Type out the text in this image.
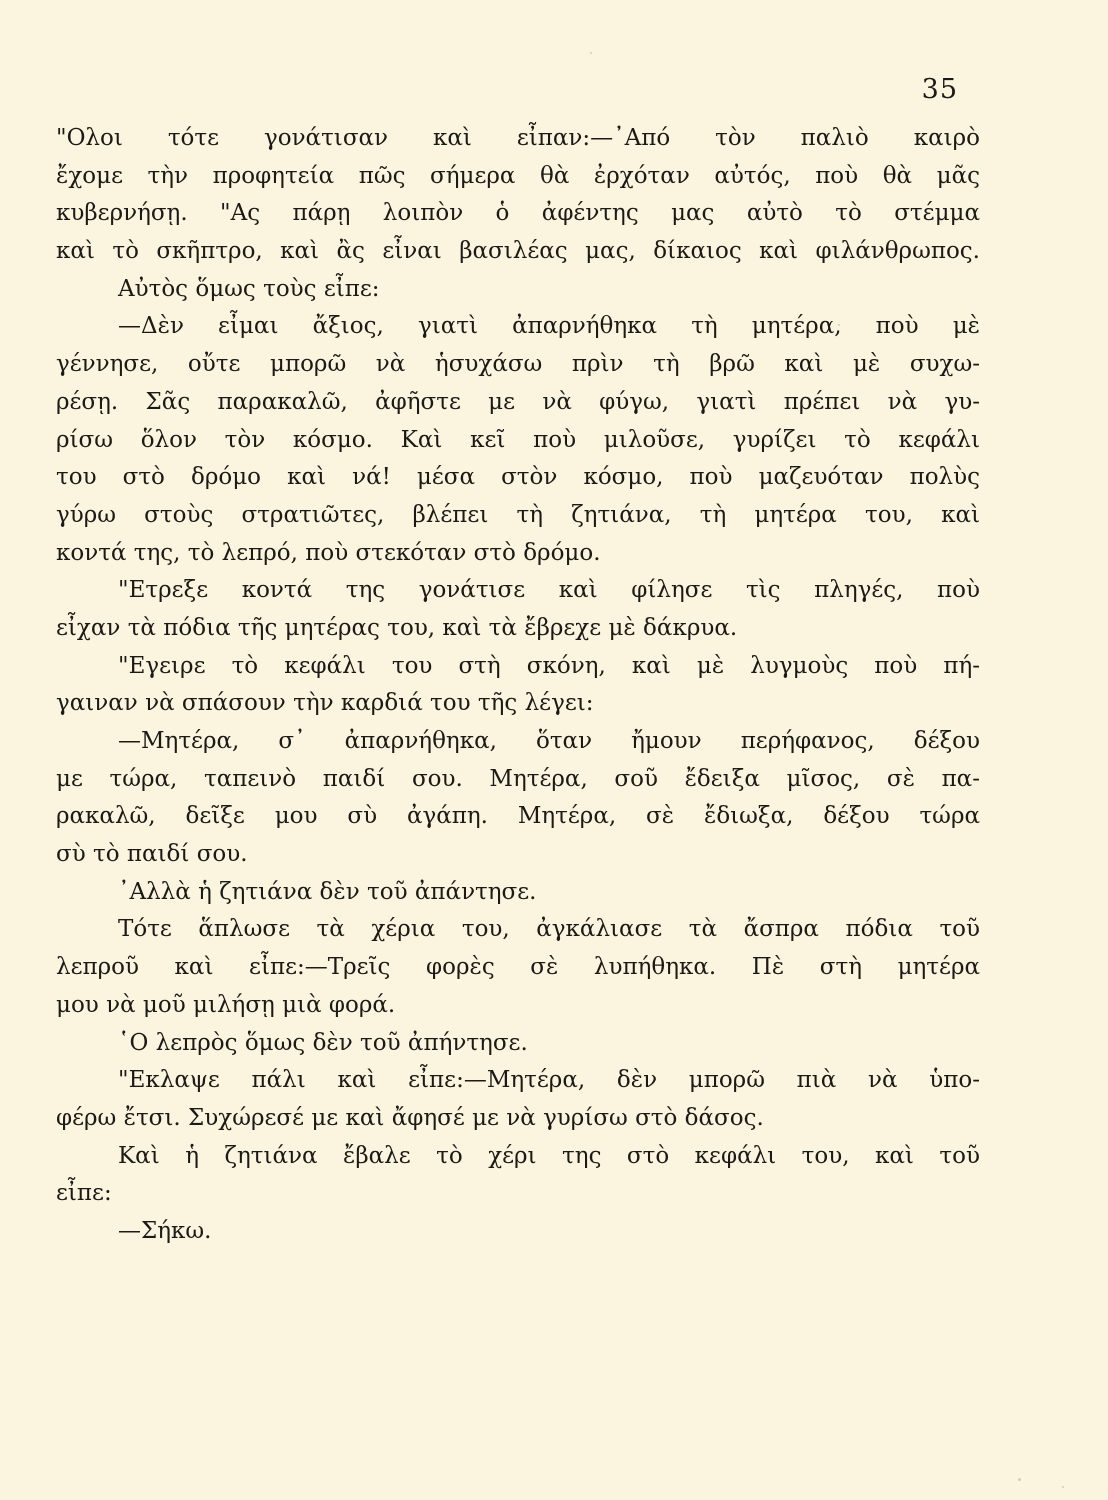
35
"Ολοι τότε γονάτισαν καὶ εἶπαν:—᾿Από τὸν παλιὸ καιρὸ
ἔχομε τὴν προφητεία πῶς σήμερα θὰ ἐρχόταν αὐτός, ποὺ θὰ μᾶς
κυβερνήσῃ. "Ας πάρῃ λοιπὸν ὁ ἀφέντης μας αὐτὸ τὸ στέμμα
καὶ τὸ σκῆπτρο, καὶ ἂς εἶναι βασιλέας μας, δίκαιος καὶ φιλάνθρωπος.
Αὐτὸς ὅμως τοὺς εἶπε:
—Δὲν εἶμαι ἄξιος, γιατὶ ἀπαρνήθηκα τὴ μητέρα, ποὺ μὲ
γέννησε, οὔτε μπορῶ νὰ ἡσυχάσω πρὶν τὴ βρῶ καὶ μὲ συχω-
ρέσῃ. Σᾶς παρακαλῶ, ἀφῆστε με νὰ φύγω, γιατὶ πρέπει νὰ γυ-
ρίσω ὅλον τὸν κόσμο. Καὶ κεῖ ποὺ μιλοῦσε, γυρίζει τὸ κεφάλι
του στὸ δρόμο καὶ νά! μέσα στὸν κόσμο, ποὺ μαζευόταν πολὺς
γύρω στοὺς στρατιῶτες, βλέπει τὴ ζητιάνα, τὴ μητέρα του, καὶ
κοντά της, τὸ λεπρό, ποὺ στεκόταν στὸ δρόμο.
"Ετρεξε κοντά της γονάτισε καὶ φίλησε τὶς πληγές, ποὺ
εἶχαν τὰ πόδια τῆς μητέρας του, καὶ τὰ ἔβρεχε μὲ δάκρυα.
"Εγειρε τὸ κεφάλι του στὴ σκόνη, καὶ μὲ λυγμοὺς ποὺ πή-
γαιναν νὰ σπάσουν τὴν καρδιά του τῆς λέγει:
—Μητέρα, σ᾿ ἀπαρνήθηκα, ὅταν ἤμουν περήφανος, δέξου
με τώρα, ταπεινὸ παιδί σου. Μητέρα, σοῦ ἔδειξα μῖσος, σὲ πα-
ρακαλῶ, δεῖξε μου σὺ ἀγάπη. Μητέρα, σὲ ἔδιωξα, δέξου τώρα
σὺ τὸ παιδί σου.
᾿Αλλὰ ἡ ζητιάνα δὲν τοῦ ἀπάντησε.
Τότε ἅπλωσε τὰ χέρια του, ἀγκάλιασε τὰ ἄσπρα πόδια τοῦ
λεπροῦ καὶ εἶπε:—Τρεῖς φορὲς σὲ λυπήθηκα. Πὲ στὴ μητέρα
μου νὰ μοῦ μιλήσῃ μιὰ φορά.
῾Ο λεπρὸς ὅμως δὲν τοῦ ἀπήντησε.
"Εκλαψε πάλι καὶ εἶπε:—Μητέρα, δὲν μπορῶ πιὰ νὰ ὑπο-
φέρω ἔτσι. Συχώρεσέ με καὶ ἄφησέ με νὰ γυρίσω στὸ δάσος.
Καὶ ἡ ζητιάνα ἔβαλε τὸ χέρι της στὸ κεφάλι του, καὶ τοῦ
εἶπε:
—Σήκω.
